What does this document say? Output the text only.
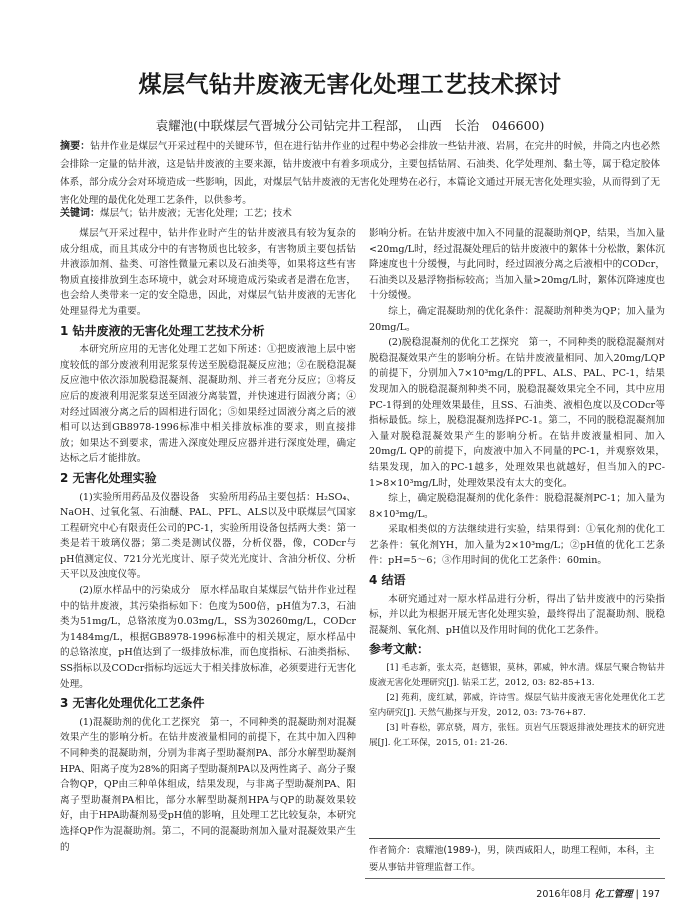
煤层气钻井废液无害化处理工艺技术探讨
袁耀池(中联煤层气晋城分公司钻完井工程部，　山西　长治　046600)
摘要：钻井作业是煤层气开采过程中的关键环节，但在进行钻井作业的过程中势必会排放一些钻井液、岩屑，在完井的时候，井筒之内也必然会排除一定量的钻井液，这是钻井废液的主要来源，钻井废液中有着多项成分，主要包括钻屑、石油类、化学处理剂、黏土等，属于稳定胶体体系，部分成分会对环境造成一些影响，因此，对煤层气钻井废液的无害化处理势在必行，本篇论文通过开展无害化处理实验，从而得到了无害化处理的最优化处理工艺条件，以供参考。
关键词：煤层气；钻井废液；无害化处理；工艺；技术

煤层气开采过程中，钻井作业时产生的钻井废液具有较为复杂的成分组成，而且其成分中的有害物质也比较多，有害物质主要包括钻井液添加剂、盐类、可溶性微量元素以及石油类等，如果将这些有害物质直接排放到生态环境中，就会对环境造成污染或者是潜在危害，也会给人类带来一定的安全隐患，因此，对煤层气钻井废液的无害化处理显得尤为重要。

1 钻井废液的无害化处理工艺技术分析

本研究所应用的无害化处理工艺如下所述：①把废液池上层中密度较低的部分废液利用泥浆泵传送至脱稳混凝反应池；②在脱稳混凝反应池中依次添加脱稳混凝剂、混凝助剂、并三者充分反应；③将反应后的废液利用泥浆泵送至固液分离装置，并快速进行固液分离；④对经过固液分离之后的固相进行固化；⑤如果经过固液分离之后的液相可以达到GB8978-1996标准中相关排放标准的要求，则直接排放；如果达不到要求，需进入深度处理反应器并进行深度处理，确定达标之后才能排放。

2 无害化处理实验

(1)实验所用药品及仪器设备　实验所用药品主要包括：H₂SO₄、NaOH、过氧化氢、石油醚、PAL、PFL、ALS以及中联煤层气国家工程研究中心有限责任公司的PC-1，实验所用设备包括两大类：第一类是若干玻璃仪器；第二类是测试仪器，分析仪器，像，CODcr与pH值测定仪、721分光光度计、原子荧光光度计、含油分析仪、分析天平以及浊度仪等。

(2)原水样品中的污染成分　原水样品取自某煤层气钻井作业过程中的钻井废液，其污染指标如下：色度为500倍，pH值为7.3，石油类为51mg/L，总铬浓度为0.03mg/L，SS为30260mg/L，CODcr为1484mg/L，根据GB8978-1996标准中的相关规定，原水样品中的总铬浓度，pH值达到了一级排放标准，而色度指标、石油类指标、SS指标以及CODcr指标均远远大于相关排放标准，必须要进行无害化处理。

3 无害化处理优化工艺条件

(1)混凝助剂的优化工艺探究　第一，不同种类的混凝助剂对混凝效果产生的影响分析。在钻井废液量相同的前提下，在其中加入四种不同种类的混凝助剂，分别为非离子型助凝剂PA、部分水解型助凝剂HPA、阳离子度为28%的阳离子型助凝剂PA以及两性离子、高分子聚合物QP，QP由三种单体组成，结果发现，与非离子型助凝剂PA、阳离子型助凝剂PA相比，部分水解型助凝剂HPA与QP的助凝效果较好，由于HPA助凝剂易受pH值的影响，且处理工艺比较复杂，本研究选择QP作为混凝助剂。第二，不同的混凝助剂加入量对混凝效果产生的

影响分析。在钻井废液中加入不同量的混凝助剂QP，结果，当加入量<20mg/L时，经过混凝处理后的钻井废液中的絮体十分松散，絮体沉降速度也十分缓慢，与此同时，经过固液分离之后液相中的CODcr，石油类以及悬浮物指标较高；当加入量>20mg/L时，絮体沉降速度也十分缓慢。

综上，确定混凝助剂的优化条件：混凝助剂种类为QP；加入量为20mg/L。

(2)脱稳混凝剂的优化工艺探究　第一，不同种类的脱稳混凝剂对脱稳混凝效果产生的影响分析。在钻井废液量相同、加入20mg/LQP的前提下，分别加入7×10³mg/L的PFL、ALS、PAL、PC-1，结果发现加入的脱稳混凝剂种类不同，脱稳混凝效果完全不同，其中应用PC-1得到的处理效果最佳，且SS、石油类、液相色度以及CODcr等指标最低。综上，脱稳混凝剂选择PC-1。第二，不同的脱稳混凝剂加入量对脱稳混凝效果产生的影响分析。在钻井废液量相同、加入20mg/L QP的前提下，向废液中加入不同量的PC-1，并观察效果，结果发现，加入的PC-1越多，处理效果也就越好，但当加入的PC-1>8×10³mg/L时，处理效果没有太大的变化。

综上，确定脱稳混凝剂的优化条件：脱稳混凝剂PC-1；加入量为8×10³mg/L。

采取相类似的方法继续进行实验，结果得到：①氧化剂的优化工艺条件：氧化剂YH，加入量为2×10³mg/L；②pH值的优化工艺条件：pH=5～6；③作用时间的优化工艺条件：60min。

4 结语

本研究通过对一原水样品进行分析，得出了钻井废液中的污染指标，并以此为根据开展无害化处理实验，最终得出了混凝助剂、脱稳混凝剂、氧化剂、pH值以及作用时间的优化工艺条件。

参考文献：

[1] 毛志新，张太亮，赵德银，莫林，郭威，钟水清。煤层气聚合物钻井废液无害化处理研究[J]. 钻采工艺，2012, 03: 82-85+13.

[2] 苑莉，庞红斌，郭威，许诗雪。煤层气钻井废液无害化处理优化工艺室内研究[J]. 天然气勘探与开发，2012, 03: 73-76+87.

[3] 叶春松，郭京骁，周方，张钰。页岩气压裂返排液处理技术的研究进展[J]. 化工环保，2015, 01: 21-26.

作者简介：袁耀池(1989-)，男，陕西咸阳人，助理工程师，本科，主要从事钻井管理监督工作。
2016年08月 化工管理 | 197
